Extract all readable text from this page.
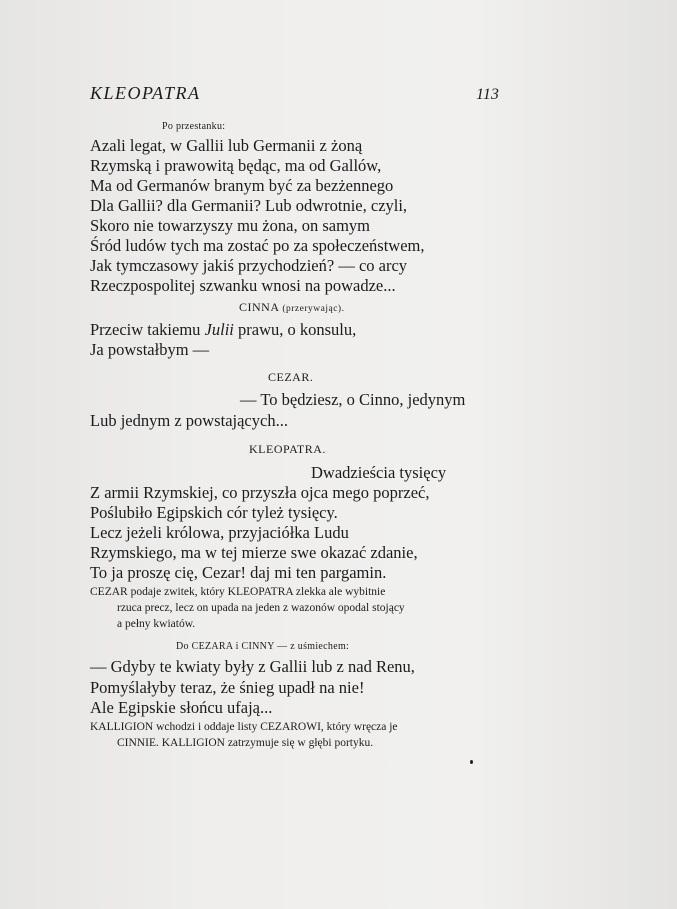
KLEOPATRA	113
Po przestanku:
Azali legat, w Gallii lub Germanii z żoną
Rzymską i prawowitą będąc, ma od Gallów,
Ma od Germanów branym być za bezżennego
Dla Gallii? dla Germanii? Lub odwrotnie, czyli,
Skoro nie towarzyszy mu żona, on samym
Śród ludów tych ma zostać po za społeczeństwem,
Jak tymczasowy jakiś przychodzień? — co arcy
Rzeczpospolitej szwanku wnosi na powadze...
CINNA (przerywając).
Przeciw takiemu Julii prawu, o konsulu,
Ja powstałbym —
CEZAR.
— To będziesz, o Cinno, jedynym
Lub jednym z powstających...
KLEOPATRA.
Dwadzieścia tysięcy
Z armii Rzymskiej, co przyszła ojca mego poprzeć,
Poślubiło Egipskich cór tyleż tysięcy.
Lecz jeżeli królowa, przyjaciółka Ludu
Rzymskiego, ma w tej mierze swe okazać zdanie,
To ja proszę cię, Cezar! daj mi ten pargamin.
CEZAR podaje zwitek, który KLEOPATRA zlekka ale wybitnie
rzuca precz, lecz on upada na jeden z wazonów opodal stojący
a pełny kwiatów.
Do CEZARA i CINNY — z uśmiechem:
— Gdyby te kwiaty były z Gallii lub z nad Renu,
Pomyślałyby teraz, że śnieg upadł na nie!
Ale Egipskie słońcu ufają...
KALLIGION wchodzi i oddaje listy CEZAROWI, który wręcza je
CINNIE. KALLIGION zatrzymuje się w głębi portyku.
